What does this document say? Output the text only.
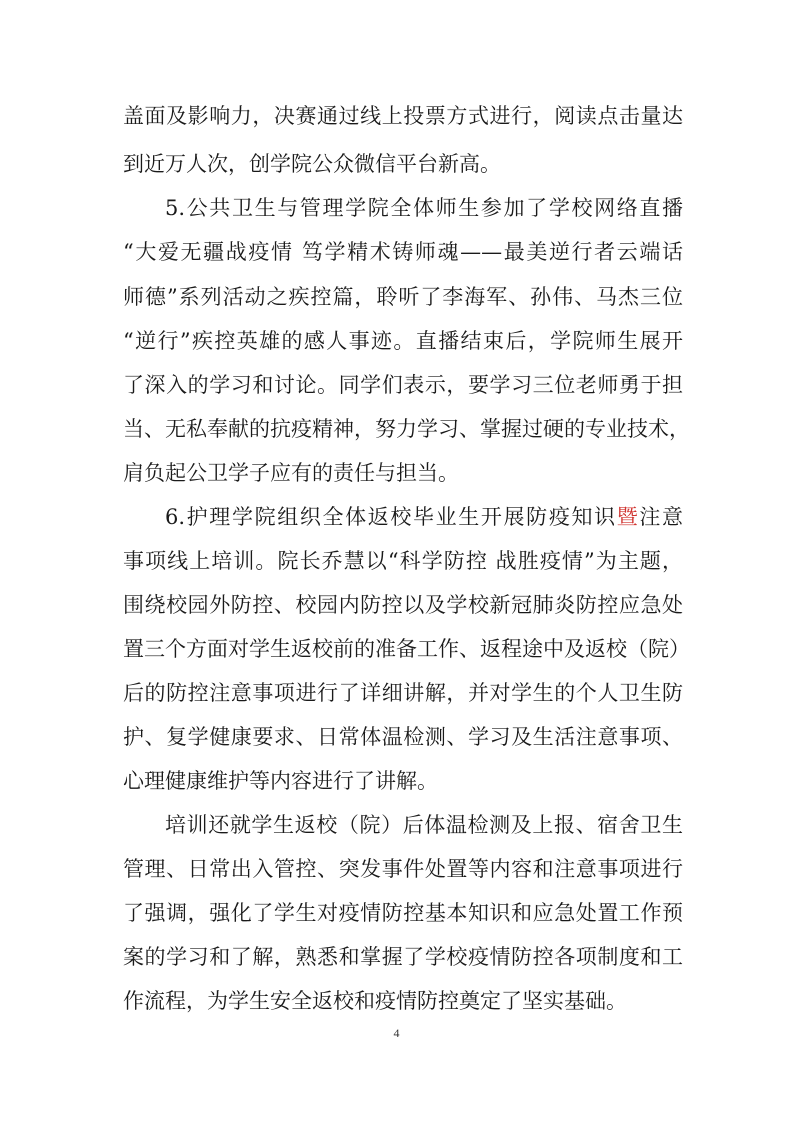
盖面及影响力，决赛通过线上投票方式进行，阅读点击量达
到近万人次，创学院公众微信平台新高。
5.公共卫生与管理学院全体师生参加了学校网络直播
“大爱无疆战疫情 笃学精术铸师魂——最美逆行者云端话
师德”系列活动之疾控篇，聆听了李海军、孙伟、马杰三位
“逆行”疾控英雄的感人事迹。直播结束后，学院师生展开
了深入的学习和讨论。同学们表示，要学习三位老师勇于担
当、无私奉献的抗疫精神，努力学习、掌握过硬的专业技术，
肩负起公卫学子应有的责任与担当。
6.护理学院组织全体返校毕业生开展防疫知识暨注意
事项线上培训。院长乔慧以“科学防控 战胜疫情”为主题，
围绕校园外防控、校园内防控以及学校新冠肺炎防控应急处
置三个方面对学生返校前的准备工作、返程途中及返校（院）
后的防控注意事项进行了详细讲解，并对学生的个人卫生防
护、复学健康要求、日常体温检测、学习及生活注意事项、
心理健康维护等内容进行了讲解。
培训还就学生返校（院）后体温检测及上报、宿舍卫生
管理、日常出入管控、突发事件处置等内容和注意事项进行
了强调，强化了学生对疫情防控基本知识和应急处置工作预
案的学习和了解，熟悉和掌握了学校疫情防控各项制度和工
作流程，为学生安全返校和疫情防控奠定了坚实基础。
4
